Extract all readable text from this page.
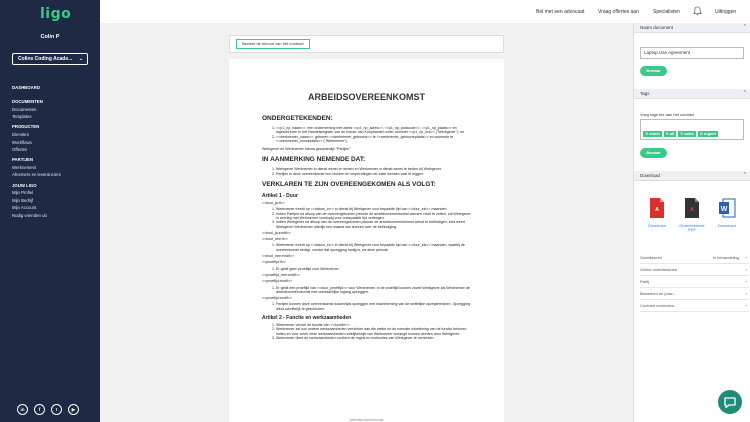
ligo
Colin P
Colins Coding Acade... ⌄
DASHBOARD
DOCUMENTEN
Documenten
Templates
PRODUCTEN
Diensten
Workflows
Offertes
PARTIJEN
Werknemers
Afnemers en leveranciers
JOUW LIGO
Mijn Profiel
Mijn Bedrijf
Mijn Account
Nodig vrienden uit
in	f	t	▶
Bel met een advocaat	Vraag offertes aan	Specialisten	Uitloggen
Bewerk de inhoud van het contract
ARBEIDSOVEREENKOMST
ONDERGETEKENDEN:
1. <<p1_np_naam>>, een onderneming met adres <<p1_np_adres>>, <<p1_np_postcode>>, <<p1_np_plaats>> en ingeschreven in het Handelsregister van de Kamer van Koophandel onder nummer <<p1_np_kvk>> ("Werkgever"); en
2. <<werknemer_naam>>, geboren <<werknemer_geboorte>> te <<werknemer_geboorteplaats>> en wonende te <<werknemer_woonplaats>> ("Werknemer").

Werkgever en Werknemer hierna gezamenlijk "Partijen"

IN AANMERKING NEMENDE DAT:
1. Werkgever Werknemer in dienst wenst te nemen en Werknemer in dienst wenst te treden bij Werkgever.
2. Partijen in deze overeenkomst hun rechten en verplichtingen ter zake wensen vast te leggen.
VERKLAREN TE ZIJN OVEREENGEKOMEN ALS VOLGT:
Artikel 1 - Duur

<<bool_ja:if>>

1. Werknemer treedt op <<datum_in>> in dienst bij Werkgever voor bepaalde tijd van <<duur_ink>> maanden.
2. Indien Partijen na afloop van de overeengekomen periode de arbeidsovereenkomst wensen voort te zetten, zal Werkgever in overleg met Werknemer voorlopig voor onbepaalde tijd verlengen.
3. Indien Werkgever na afloop van de overeengekomen periode de arbeidsovereenkomst wenst te beëindigen, informeert Werkgever Werknemer uiterlijk een maand van tevoren over de beëindiging.

<<bool_ja:endif>>

<<bool_nee:if>>

1. Werknemer treedt op <<datum_in>> in dienst bij Werkgever voor bepaalde tijd van <<duur_ink>> maanden, waarbij de overeenkomst eindigt, zonder dat opzegging nodig is, na deze periode.

<<bool_nee:endif>>

<<proeftijd:if>>

1. Er geldt geen proeftijd voor Werknemer.

<<proeftijd_nee:endif>>

<<proeftijd:endif>>

1. Er geldt een proeftijd van <<duur_proeftijd>> voor Werknemer. In de proeftijd kunnen zowel Werkgever als Werknemer de arbeidsovereenkomst met onmiddellijke ingang opzeggen.

<<proeftijd:endif>>

1. Partijen kunnen deze overeenkomst tussentijds opzeggen met inachtneming van de wettelijke opzegtermijnen. Opzegging dient schriftelijk te geschieden.
Artikel 2 - Functie en werkzaamheden
1. Werknemer vervult de functie van <<functie>>.
2. Werknemer zal ook andere werkzaamheden verrichten dan die welke tot de normale uitoefening van de functie behoren, indien en voor zover deze werkzaamheden redelijkerwijs van Werknemer verlangd kunnen worden door Werkgever.
3. Werknemer dient de werkzaamheden conform de regels en instructies van Werkgever te verrichten.
Arbeidsovereenkomst
Naam document	⌃
Laptop Use Agreement
Bewaar
Tags	⌃
Voeg tags toe aan het contract
✕ dutch ✕ all ✕ sales ✕ urgent
Bewaar
Download	⌃
A
Download
A
Ondertekende PDF
W
Download
Goedkeuren	In behandeling ›
Online ondertekenen	›
Partij	›
Bewerken en jouw...	›
Contract reminders...	›
